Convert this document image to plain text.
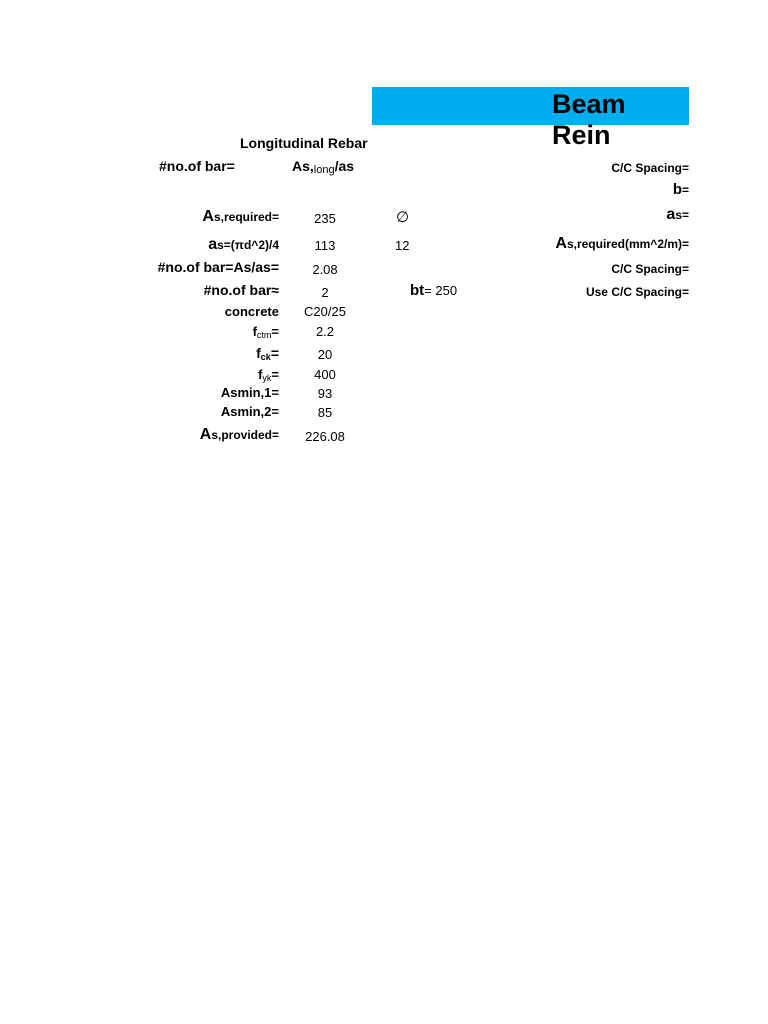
Beam Rein
Longitudinal Rebar
#no.of bar=	$As,_{long}/as$
As,required=
as=(πd^2)/4
#no.of bar=As/as=
#no.of bar≈
concrete
$f_{ctm}=$
$f_{ck}=$
$f_{yk}=$
Asmin,1=
Asmin,2=
As,provided=
235
113
2.08
2
C20/25
2.2
20
400
93
85
226.08
∅
12
bt= 250
C/C Spacing=
b=
as=
As,required(mm^2/m)=
C/C Spacing=
Use C/C Spacing=
